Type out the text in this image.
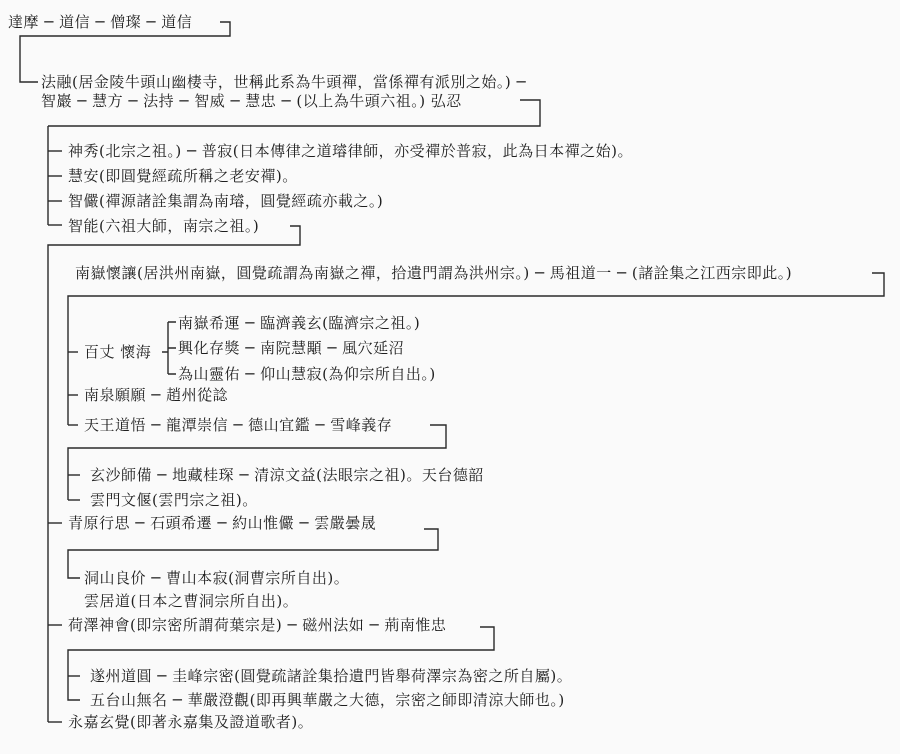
達摩 ─ 道信 ─ 僧璨 ─ 道信
法融(居金陵牛頭山幽棲寺，世稱此系為牛頭禪，當係禪有派別之始。) ─
智巖 ─ 慧方 ─ 法持 ─ 智威 ─ 慧忠 ─ (以上為牛頭六祖。) 弘忍
神秀(北宗之祖。) ─ 普寂(日本傳律之道璿律師，亦受禪於普寂，此為日本禪之始)。
慧安(即圓覺經疏所稱之老安禪)。
智儼(禪源諸詮集謂為南璿，圓覺經疏亦載之。)
智能(六祖大師，南宗之祖。)
南嶽懷讓(居洪州南嶽，圓覺疏謂為南嶽之禪，拾遺門謂為洪州宗。) ─ 馬祖道一 ─ (諸詮集之江西宗即此。)
南嶽希運 ─ 臨濟義玄(臨濟宗之祖。)
百丈 懷海 興化存獎 ─ 南院慧顒 ─ 風穴延沼
為山靈佑 ─ 仰山慧寂(為仰宗所自出。)
南泉願願 ─ 趙州從諗
天王道悟 ─ 龍潭崇信 ─ 德山宜鑑 ─ 雪峰義存
玄沙師備 ─ 地藏桂琛 ─ 清涼文益(法眼宗之祖)。天台德韶
雲門文偃(雲門宗之祖)。
青原行思 ─ 石頭希遷 ─ 約山惟儼 ─ 雲嚴曇晟
洞山良价 ─ 曹山本寂(洞曹宗所自出)。
雲居道(日本之曹洞宗所自出)。
荷澤神會(即宗密所謂荷葉宗是) ─ 磁州法如 ─ 荊南惟忠
遂州道圓 ─ 圭峰宗密(圓覺疏諸詮集拾遺門皆舉荷澤宗為密之所自屬)。
五台山無名 ─ 華嚴澄觀(即再興華嚴之大德，宗密之師即清涼大師也。)
永嘉玄覺(即著永嘉集及證道歌者)。
